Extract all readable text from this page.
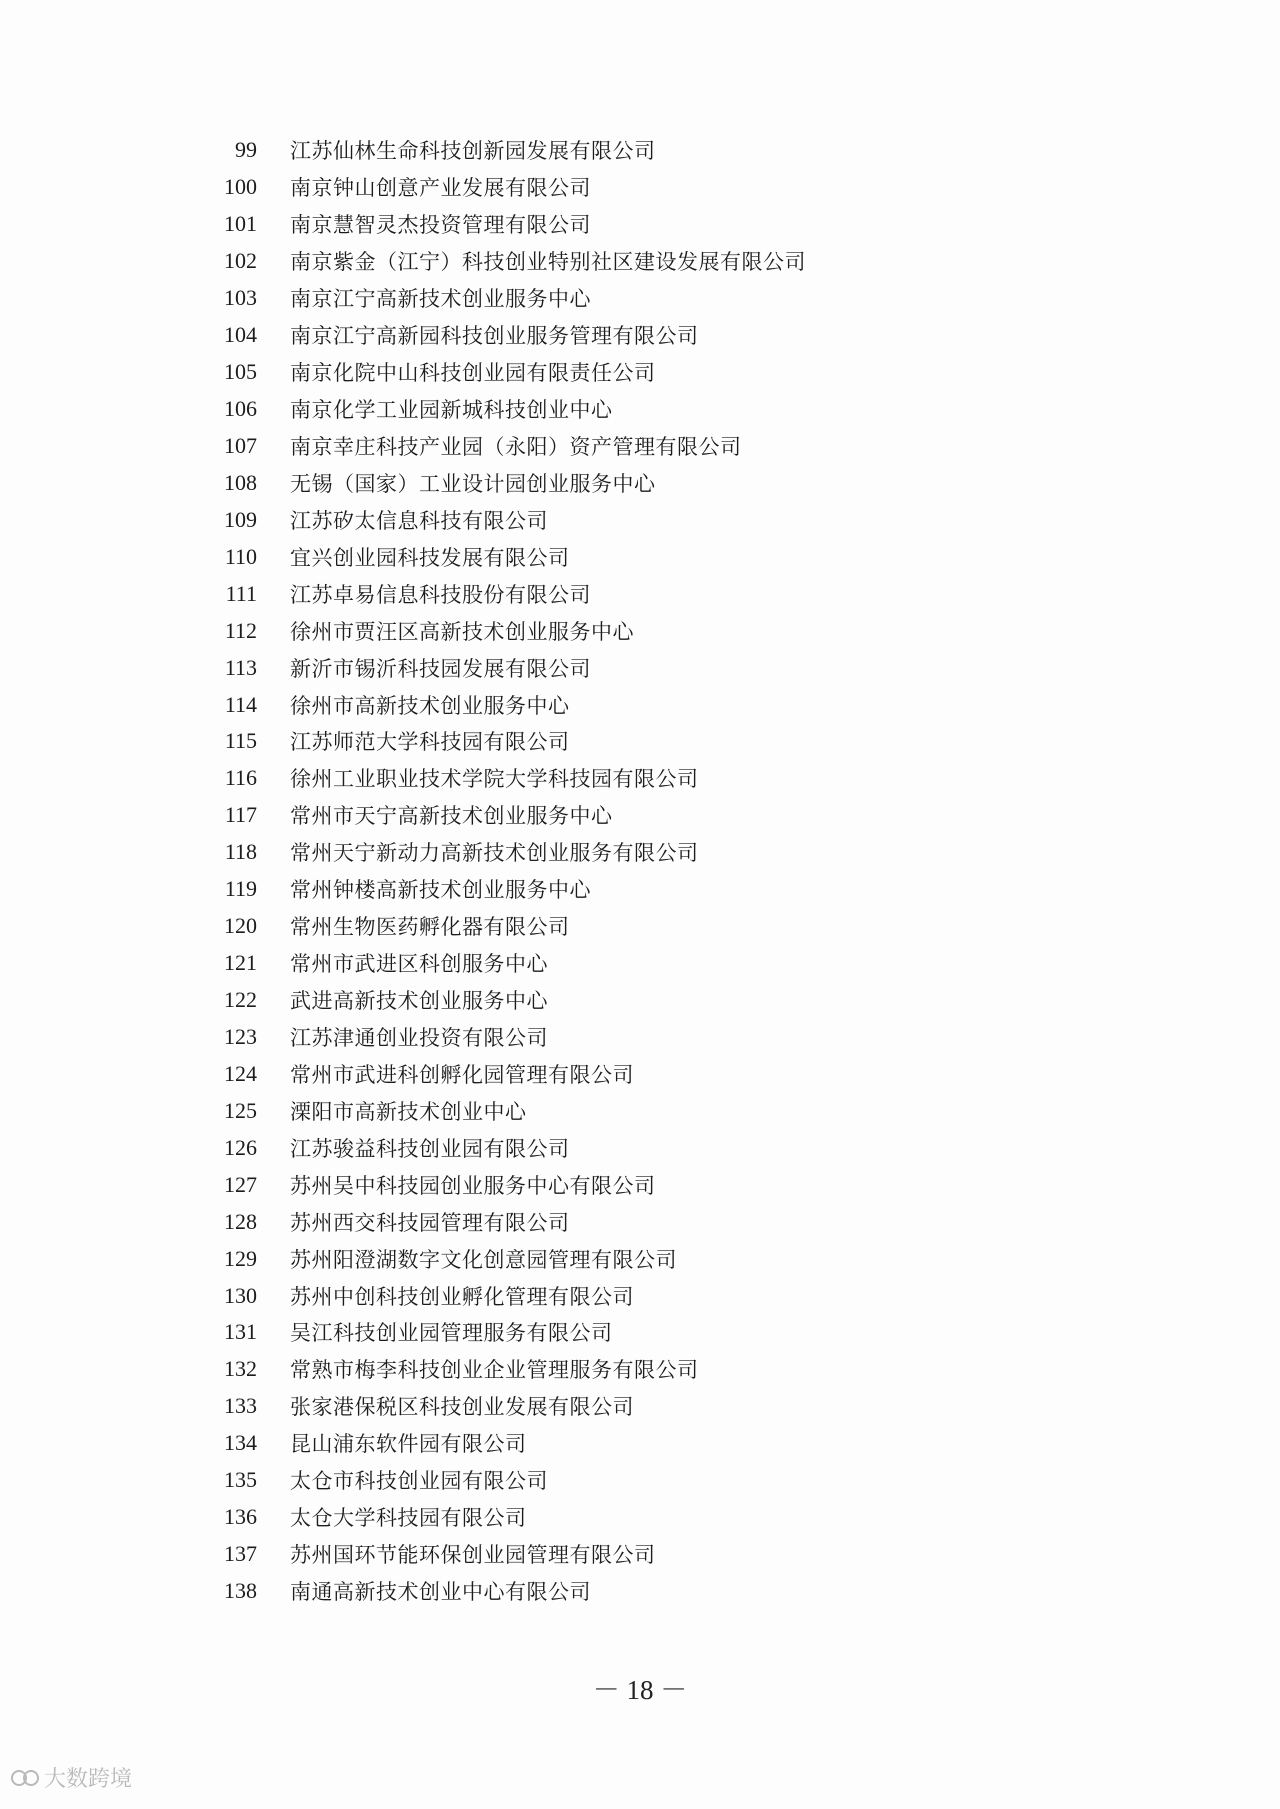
99 江苏仙林生命科技创新园发展有限公司
100 南京钟山创意产业发展有限公司
101 南京慧智灵杰投资管理有限公司
102 南京紫金（江宁）科技创业特别社区建设发展有限公司
103 南京江宁高新技术创业服务中心
104 南京江宁高新园科技创业服务管理有限公司
105 南京化院中山科技创业园有限责任公司
106 南京化学工业园新城科技创业中心
107 南京幸庄科技产业园（永阳）资产管理有限公司
108 无锡（国家）工业设计园创业服务中心
109 江苏矽太信息科技有限公司
110 宜兴创业园科技发展有限公司
111 江苏卓易信息科技股份有限公司
112 徐州市贾汪区高新技术创业服务中心
113 新沂市锡沂科技园发展有限公司
114 徐州市高新技术创业服务中心
115 江苏师范大学科技园有限公司
116 徐州工业职业技术学院大学科技园有限公司
117 常州市天宁高新技术创业服务中心
118 常州天宁新动力高新技术创业服务有限公司
119 常州钟楼高新技术创业服务中心
120 常州生物医药孵化器有限公司
121 常州市武进区科创服务中心
122 武进高新技术创业服务中心
123 江苏津通创业投资有限公司
124 常州市武进科创孵化园管理有限公司
125 溧阳市高新技术创业中心
126 江苏骏益科技创业园有限公司
127 苏州吴中科技园创业服务中心有限公司
128 苏州西交科技园管理有限公司
129 苏州阳澄湖数字文化创意园管理有限公司
130 苏州中创科技创业孵化管理有限公司
131 吴江科技创业园管理服务有限公司
132 常熟市梅李科技创业企业管理服务有限公司
133 张家港保税区科技创业发展有限公司
134 昆山浦东软件园有限公司
135 太仓市科技创业园有限公司
136 太仓大学科技园有限公司
137 苏州国环节能环保创业园管理有限公司
138 南通高新技术创业中心有限公司
－ 18 －
大数跨境
